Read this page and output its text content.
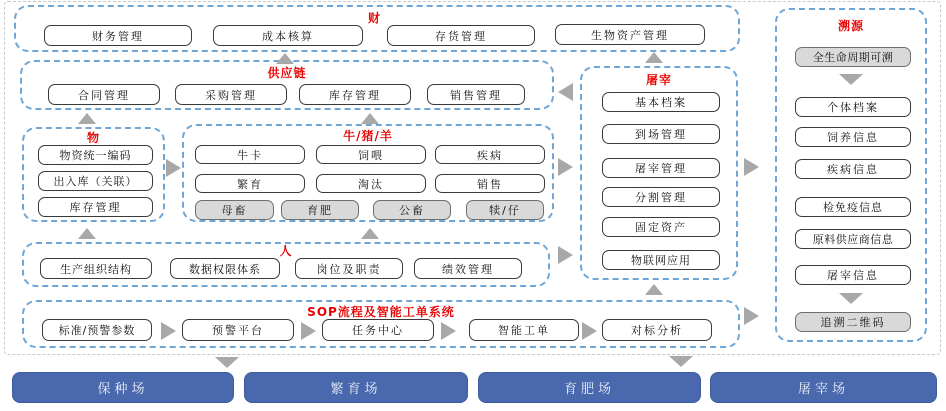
财
财务管理	成本核算	存货管理	生物资产管理
供应链
合同管理	采购管理	库存管理	销售管理
物
物资统一编码
出入库（关联）
库存管理
牛/猪/羊
牛卡	饲喂	疾病
繁育	淘汰	销售
母畜	育肥	公畜	犊/仔
人
生产组织结构	数据权限体系	岗位及职责	绩效管理
SOP流程及智能工单系统
标准/预警参数	预警平台	任务中心	智能工单	对标分析
屠宰
基本档案
到场管理
屠宰管理
分割管理
固定资产
物联网应用
溯源
全生命周期可溯
个体档案
饲养信息
疾病信息
检免疫信息
原料供应商信息
屠宰信息
追溯二维码
保种场	繁育场	育肥场	屠宰场
